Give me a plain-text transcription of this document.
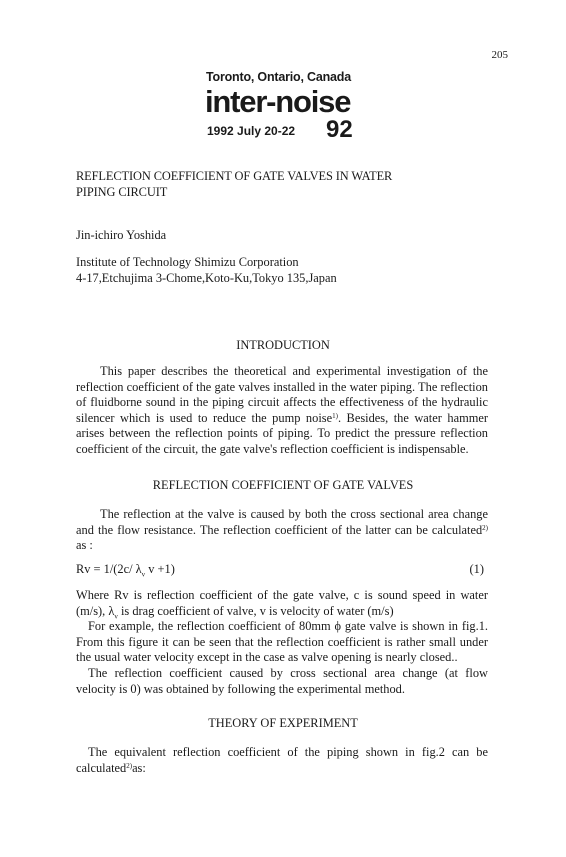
205
Toronto, Ontario, Canada
inter-noise
1992 July 20-22 92
REFLECTION COEFFICIENT OF GATE VALVES IN WATER
PIPING CIRCUIT
Jin-ichiro Yoshida
Institute of Technology Shimizu Corporation
4-17,Etchujima 3-Chome,Koto-Ku,Tokyo 135,Japan
INTRODUCTION

This paper describes the theoretical and experimental investigation of the reflection coefficient of the gate valves installed in the water piping. The reflection of fluidborne sound in the piping circuit affects the effectiveness of the hydraulic silencer which is used to reduce the pump noise$^{1)}$. Besides, the water hammer arises between the reflection points of piping. To predict the pressure reflection coefficient of the circuit, the gate valve's reflection coefficient is indispensable.

REFLECTION COEFFICIENT OF GATE VALVES

The reflection at the valve is caused by both the cross sectional area change and the flow resistance. The reflection coefficient of the latter can be calculated$^{2)}$ as :

Rv = 1/(2c/ $\lambda_v$ v +1)	(1)

Where Rv is reflection coefficient of the gate valve, c is sound speed in water (m/s), $\lambda_v$ is drag coefficient of valve, v is velocity of water (m/s)

For example, the reflection coefficient of 80mm ϕ gate valve is shown in fig.1. From this figure it can be seen that the reflection coefficient is rather small under the usual water velocity except in the case as valve opening is nearly closed..

The reflection coefficient caused by cross sectional area change (at flow velocity is 0) was obtained by following the experimental method.

THEORY OF EXPERIMENT

The equivalent reflection coefficient of the piping shown in fig.2 can be calculated$^{2)}$as:
